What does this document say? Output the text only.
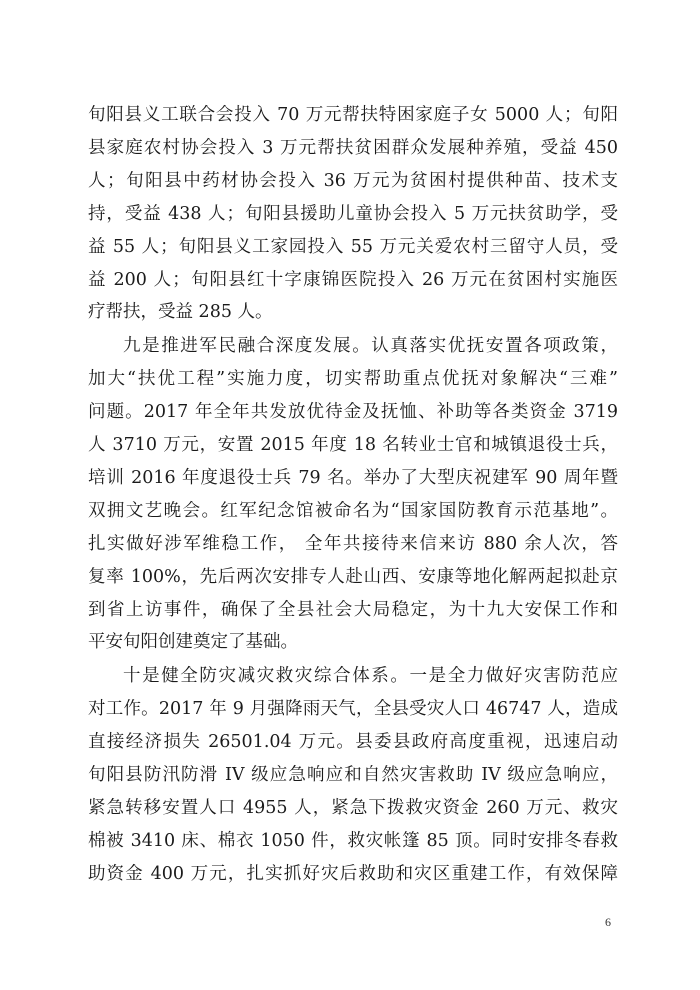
旬阳县义工联合会投入 70 万元帮扶特困家庭子女 5000 人；旬阳
县家庭农村协会投入 3 万元帮扶贫困群众发展种养殖，受益 450
人；旬阳县中药材协会投入 36 万元为贫困村提供种苗、技术支
持，受益 438 人；旬阳县援助儿童协会投入 5 万元扶贫助学，受
益 55 人；旬阳县义工家园投入 55 万元关爱农村三留守人员，受
益 200 人；旬阳县红十字康锦医院投入 26 万元在贫困村实施医
疗帮扶，受益 285 人。
九是推进军民融合深度发展。认真落实优抚安置各项政策，
加大“扶优工程”实施力度，切实帮助重点优抚对象解决“三难”
问题。2017 年全年共发放优待金及抚恤、补助等各类资金 3719
人 3710 万元，安置 2015 年度 18 名转业士官和城镇退役士兵，
培训 2016 年度退役士兵 79 名。举办了大型庆祝建军 90 周年暨
双拥文艺晚会。红军纪念馆被命名为“国家国防教育示范基地”。
扎实做好涉军维稳工作， 全年共接待来信来访 880 余人次，答
复率 100%，先后两次安排专人赴山西、安康等地化解两起拟赴京
到省上访事件，确保了全县社会大局稳定，为十九大安保工作和
平安旬阳创建奠定了基础。
十是健全防灾减灾救灾综合体系。一是全力做好灾害防范应
对工作。2017 年 9 月强降雨天气，全县受灾人口 46747 人，造成
直接经济损失 26501.04 万元。县委县政府高度重视，迅速启动
旬阳县防汛防滑 IV 级应急响应和自然灾害救助 IV 级应急响应，
紧急转移安置人口 4955 人，紧急下拨救灾资金 260 万元、救灾
棉被 3410 床、棉衣 1050 件，救灾帐篷 85 顶。同时安排冬春救
助资金 400 万元，扎实抓好灾后救助和灾区重建工作，有效保障
6
